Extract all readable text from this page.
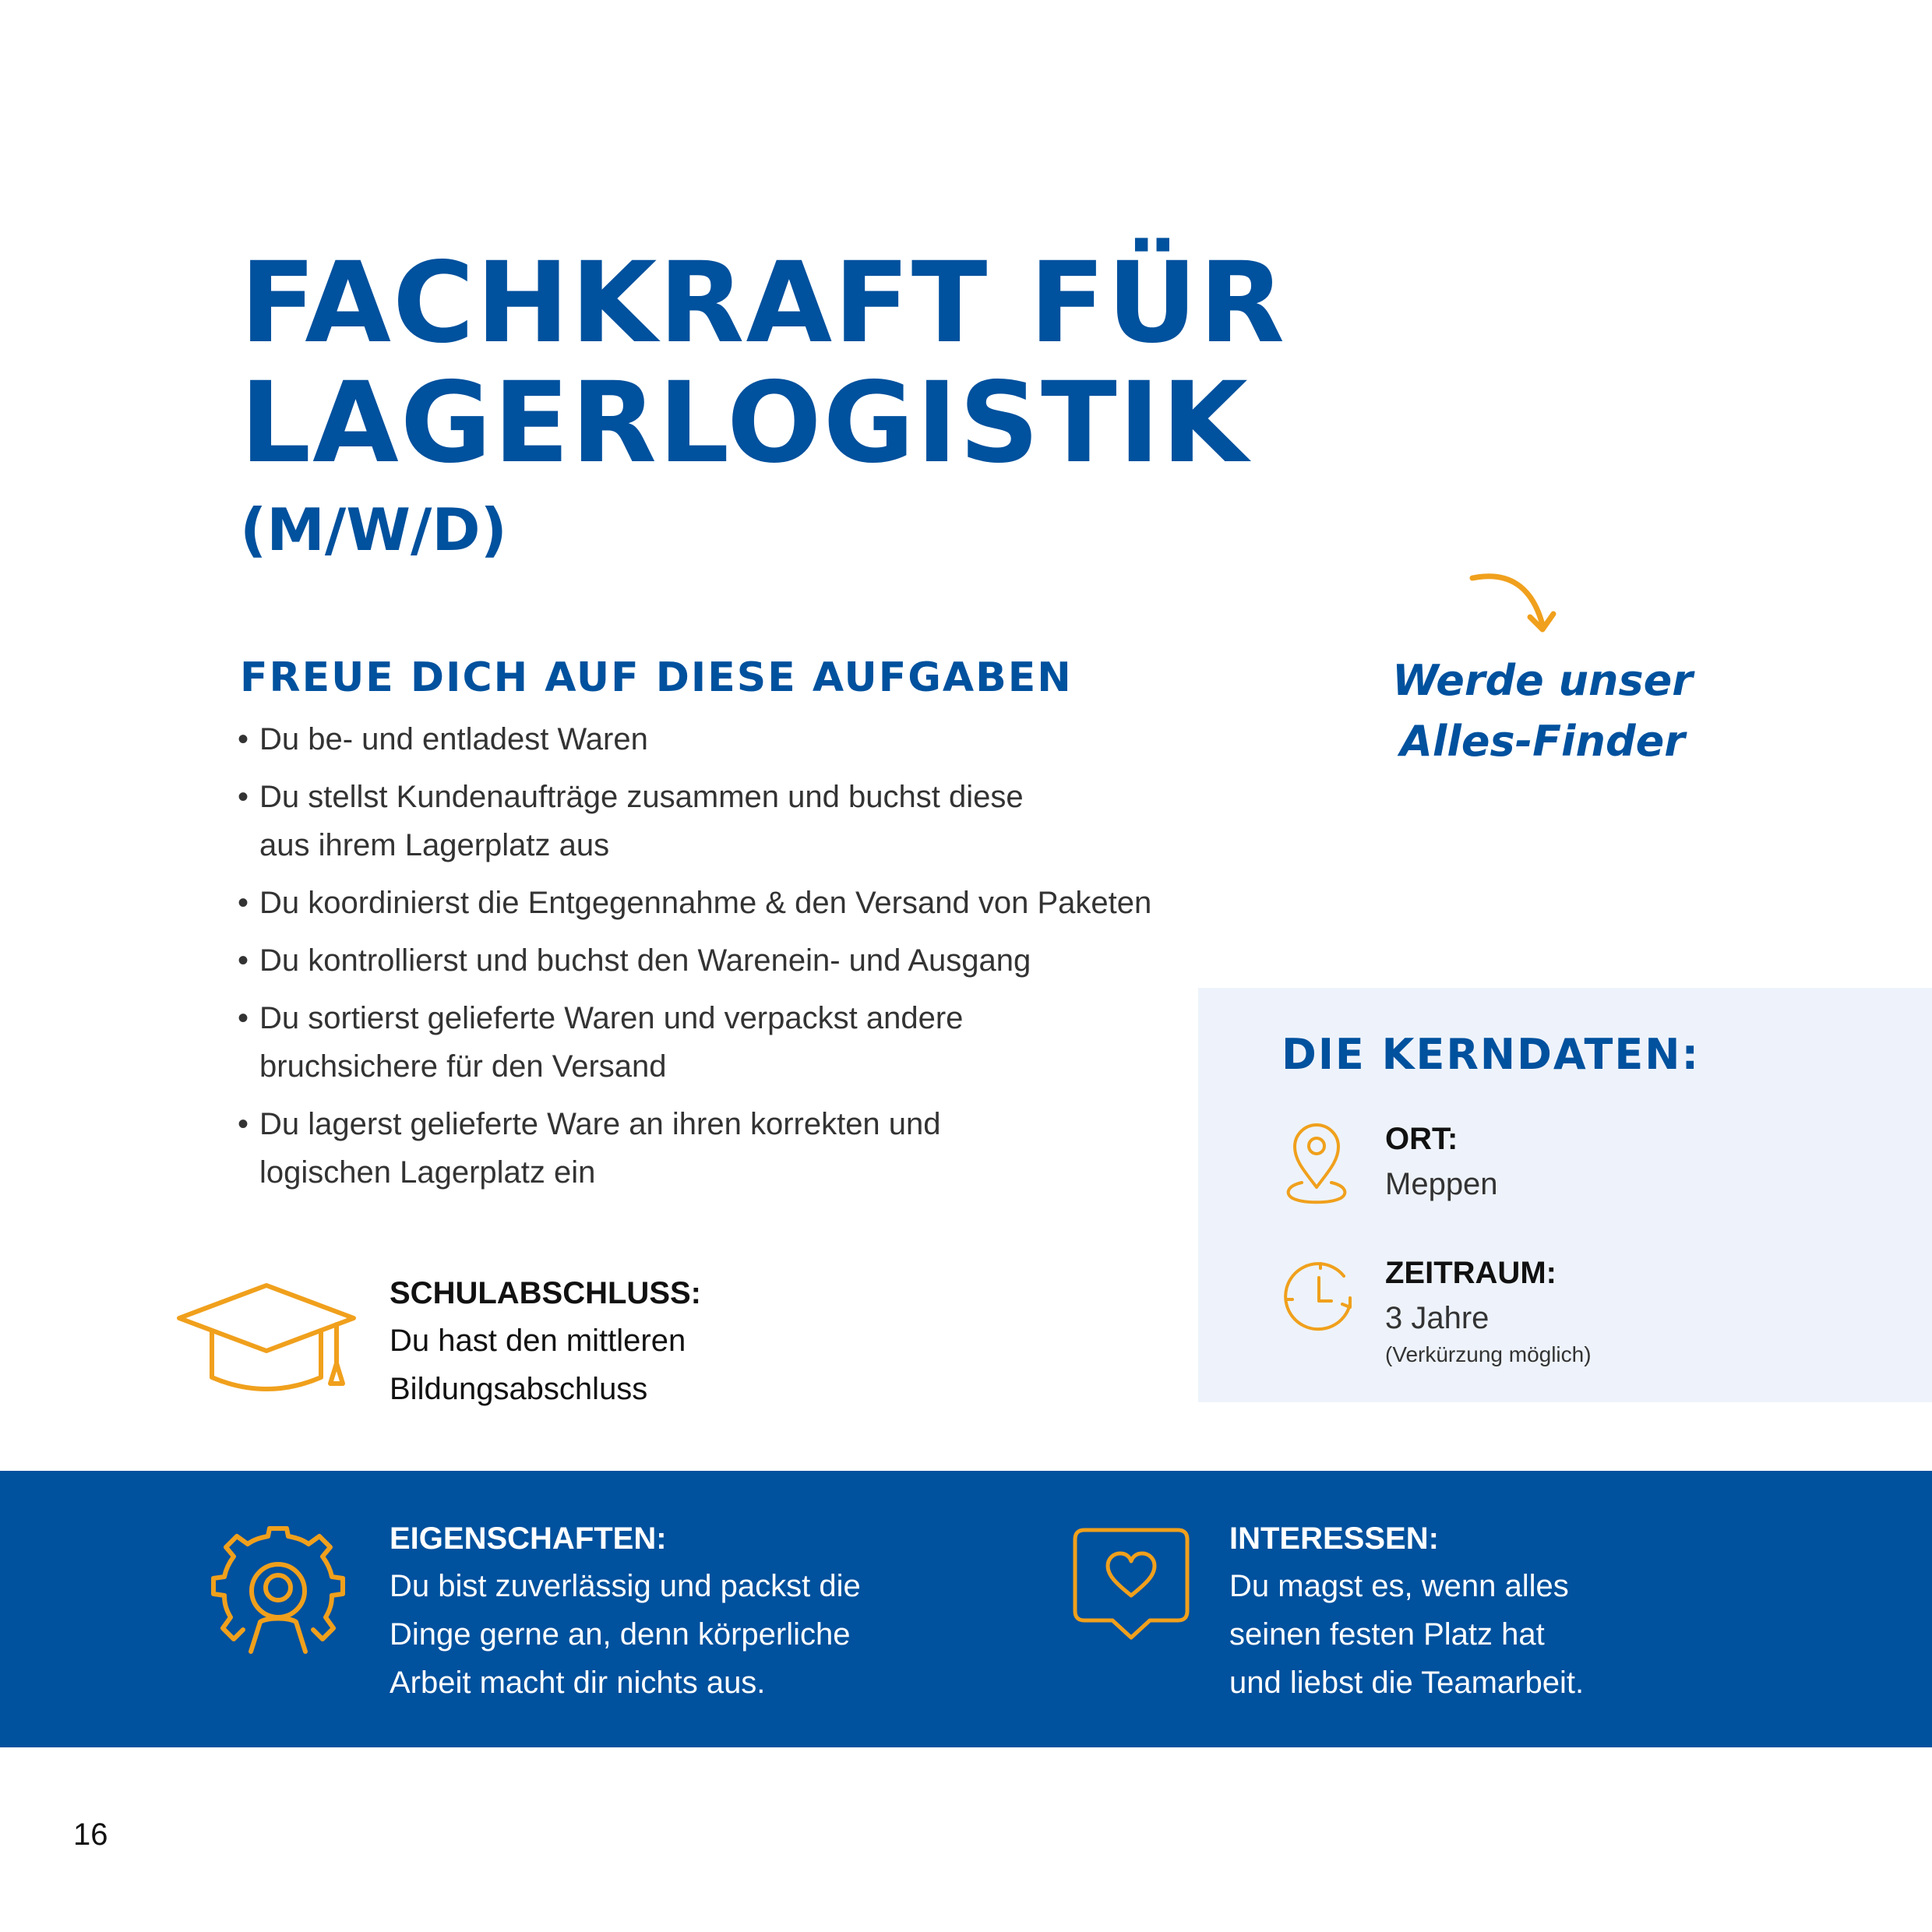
FACHKRAFT FÜR
LAGERLOGISTIK
(M/W/D)
FREUE DICH AUF DIESE AUFGABEN
• Du be- und entladest Waren
• Du stellst Kundenaufträge zusammen und buchst diese aus ihrem Lagerplatz aus
• Du koordinierst die Entgegennahme & den Versand von Paketen
• Du kontrollierst und buchst den Warenein- und Ausgang
• Du sortierst gelieferte Waren und verpackst andere bruchsichere für den Versand
• Du lagerst gelieferte Ware an ihren korrekten und logischen Lagerplatz ein
SCHULABSCHLUSS:
Du hast den mittleren
Bildungsabschluss
Werde unser
Alles-Finder
DIE KERNDATEN:
ORT:
Meppen
ZEITRAUM:
3 Jahre
(Verkürzung möglich)
EIGENSCHAFTEN:
Du bist zuverlässig und packst die
Dinge gerne an, denn körperliche
Arbeit macht dir nichts aus.
INTERESSEN:
Du magst es, wenn alles
seinen festen Platz hat
und liebst die Teamarbeit.
16
